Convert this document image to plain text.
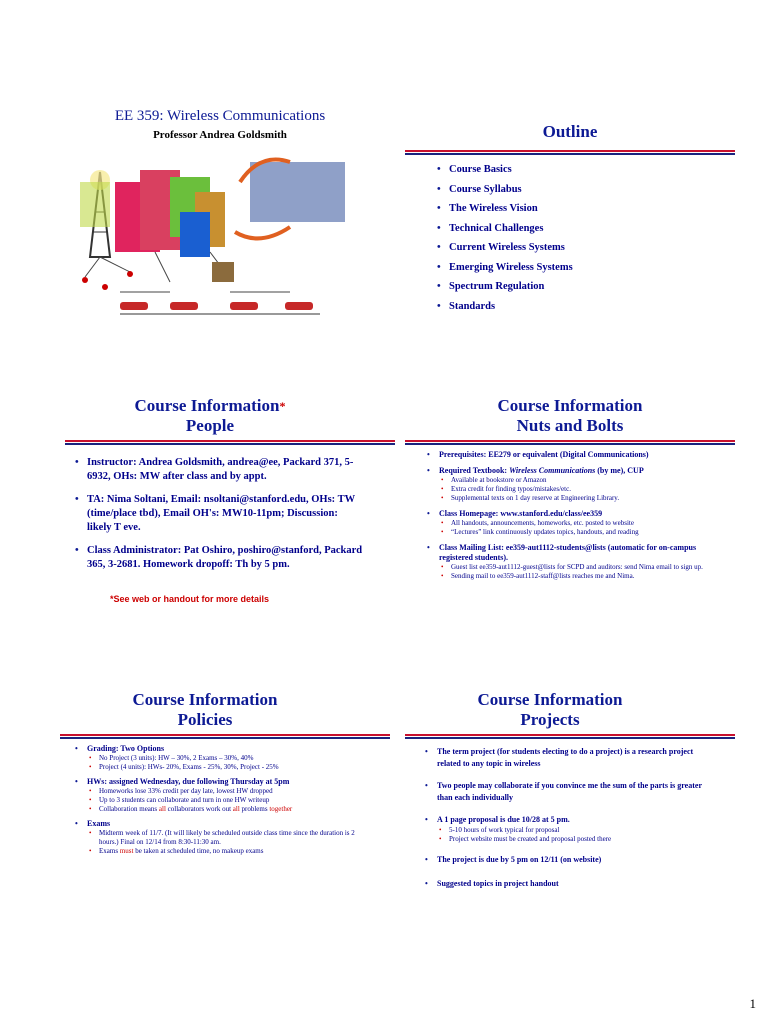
EE 359: Wireless Communications
Professor Andrea Goldsmith	Outline
• Course Basics
• Course Syllabus
• The Wireless Vision
• Technical Challenges
• Current Wireless Systems
• Emerging Wireless Systems
• Spectrum Regulation
• Standards
Course Information*
People
• Instructor: Andrea Goldsmith, andrea@ee, Packard 371, 5-6932, OHs: MW after class and by appt.
• TA: Nima Soltani, Email: nsoltani@stanford.edu, OHs: TW (time/place tbd), Email OH's: MW10-11pm; Discussion: likely T eve.
• Class Administrator: Pat Oshiro, poshiro@stanford, Packard 365, 3-2681. Homework dropoff: Th by 5 pm.
*See web or handout for more details
Course Information
Nuts and Bolts
• Prerequisites: EE279 or equivalent (Digital Communications)
• Required Textbook: Wireless Communications (by me), CUP
• Available at bookstore or Amazon
• Extra credit for finding typos/mistakes/etc.
• Supplemental texts on 1 day reserve at Engineering Library.
• Class Homepage: www.stanford.edu/class/ee359
• All handouts, announcements, homeworks, etc. posted to website
• “Lectures” link continuously updates topics, handouts, and reading
• Class Mailing List: ee359-aut1112-students@lists (automatic for on-campus registered students).
• Guest list ee359-aut1112-guest@lists for SCPD and auditors: send Nima email to sign up.
• Sending mail to ee359-aut1112-staff@lists reaches me and Nima.
Course Information
Policies
• Grading: Two Options
• No Project (3 units): HW – 30%, 2 Exams – 30%, 40%
• Project (4 units): HWs- 20%, Exams - 25%, 30%, Project - 25%
• HWs: assigned Wednesday, due following Thursday at 5pm
• Homeworks lose 33% credit per day late, lowest HW dropped
• Up to 3 students can collaborate and turn in one HW writeup
• Collaboration means all collaborators work out all problems together
• Exams
• Midterm week of 11/7. (It will likely be scheduled outside class time since the duration is 2 hours.) Final on 12/14 from 8:30-11:30 am.
• Exams must be taken at scheduled time, no makeup exams
Course Information
Projects
• The term project (for students electing to do a project) is a research project related to any topic in wireless
• Two people may collaborate if you convince me the sum of the parts is greater than each individually
• A 1 page proposal is due 10/28 at 5 pm.
• 5-10 hours of work typical for proposal
• Project website must be created and proposal posted there
• The project is due by 5 pm on 12/11 (on website)
• Suggested topics in project handout
1
